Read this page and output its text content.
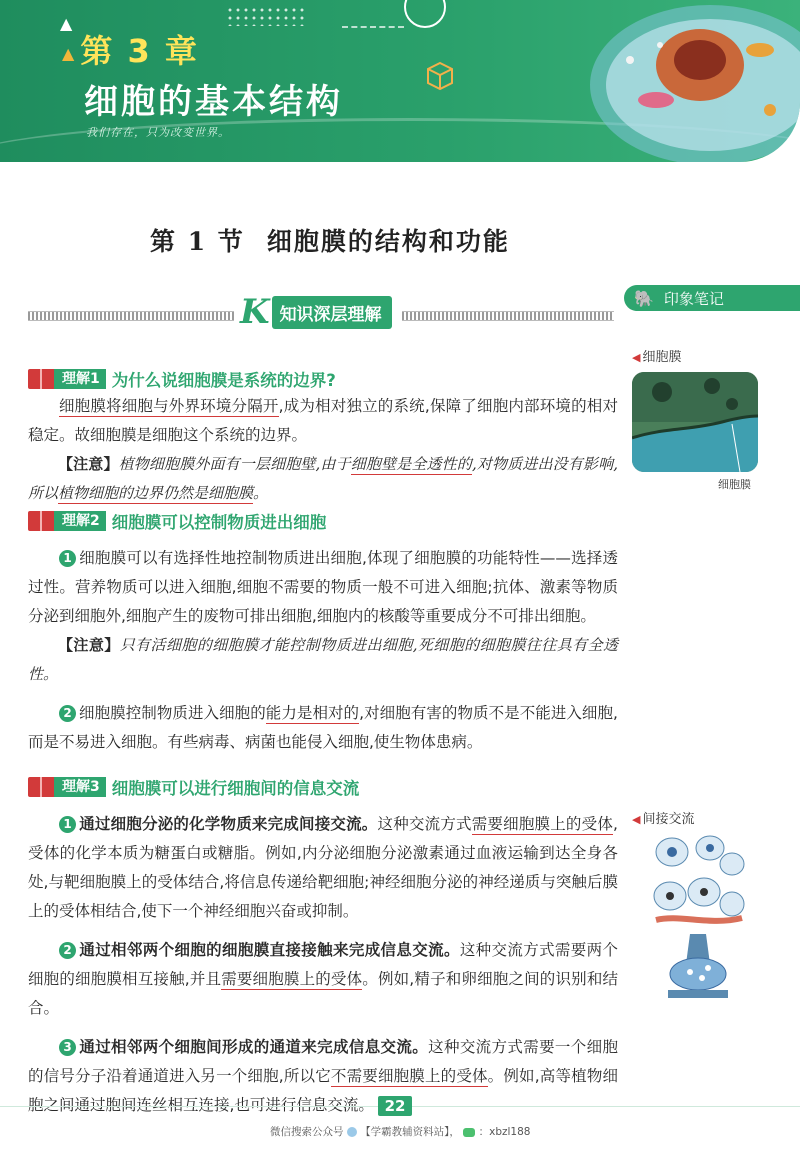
▲
▲ 第 3 章
细胞的基本结构
我们存在，只为改变世界。
第 1 节 细胞膜的结构和功能
K 知识深层理解
🐘 印象笔记
◀ 细胞膜
细胞膜
◀ 间接交流
理解1 为什么说细胞膜是系统的边界?

细胞膜将细胞与外界环境分隔开,成为相对独立的系统,保障了细胞内部环境的相对稳定。故细胞膜是细胞这个系统的边界。

【注意】植物细胞膜外面有一层细胞壁,由于细胞壁是全透性的,对物质进出没有影响,所以植物细胞的边界仍然是细胞膜。

理解2 细胞膜可以控制物质进出细胞

1 细胞膜可以有选择性地控制物质进出细胞,体现了细胞膜的功能特性——选择透过性。营养物质可以进入细胞,细胞不需要的物质一般不可进入细胞;抗体、激素等物质分泌到细胞外,细胞产生的废物可排出细胞,细胞内的核酸等重要成分不可排出细胞。

【注意】只有活细胞的细胞膜才能控制物质进出细胞,死细胞的细胞膜往往具有全透性。

2 细胞膜控制物质进入细胞的能力是相对的,对细胞有害的物质不是不能进入细胞,而是不易进入细胞。有些病毒、病菌也能侵入细胞,使生物体患病。

理解3 细胞膜可以进行细胞间的信息交流

1 通过细胞分泌的化学物质来完成间接交流。这种交流方式需要细胞膜上的受体,受体的化学本质为糖蛋白或糖脂。例如,内分泌细胞分泌激素通过血液运输到达全身各处,与靶细胞膜上的受体结合,将信息传递给靶细胞;神经细胞分泌的神经递质与突触后膜上的受体相结合,使下一个神经细胞兴奋或抑制。

2 通过相邻两个细胞的细胞膜直接接触来完成信息交流。这种交流方式需要两个细胞的细胞膜相互接触,并且需要细胞膜上的受体。例如,精子和卵细胞之间的识别和结合。

3 通过相邻两个细胞间形成的通道来完成信息交流。这种交流方式需要一个细胞的信号分子沿着通道进入另一个细胞,所以它不需要细胞膜上的受体。例如,高等植物细胞之间通过胞间连丝相互连接,也可进行信息交流。 22
微信搜索公众号 【学霸教辅资料站】， ：xbzl188
